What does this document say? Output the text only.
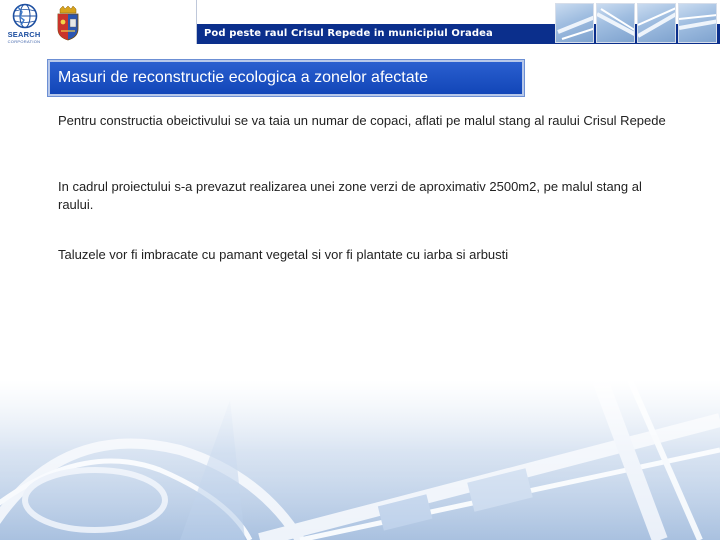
SEARCH
CORPORATION
Pod peste raul Crisul Repede in municipiul Oradea
Masuri de reconstructie ecologica a zonelor afectate

Pentru constructia obeictivului se va taia un numar de copaci, aflati pe malul stang al raului Crisul Repede

In cadrul proiectului s-a prevazut realizarea unei zone verzi de aproximativ 2500m2, pe malul stang al raului.

Taluzele vor fi imbracate cu pamant vegetal si vor fi plantate cu iarba si arbusti
